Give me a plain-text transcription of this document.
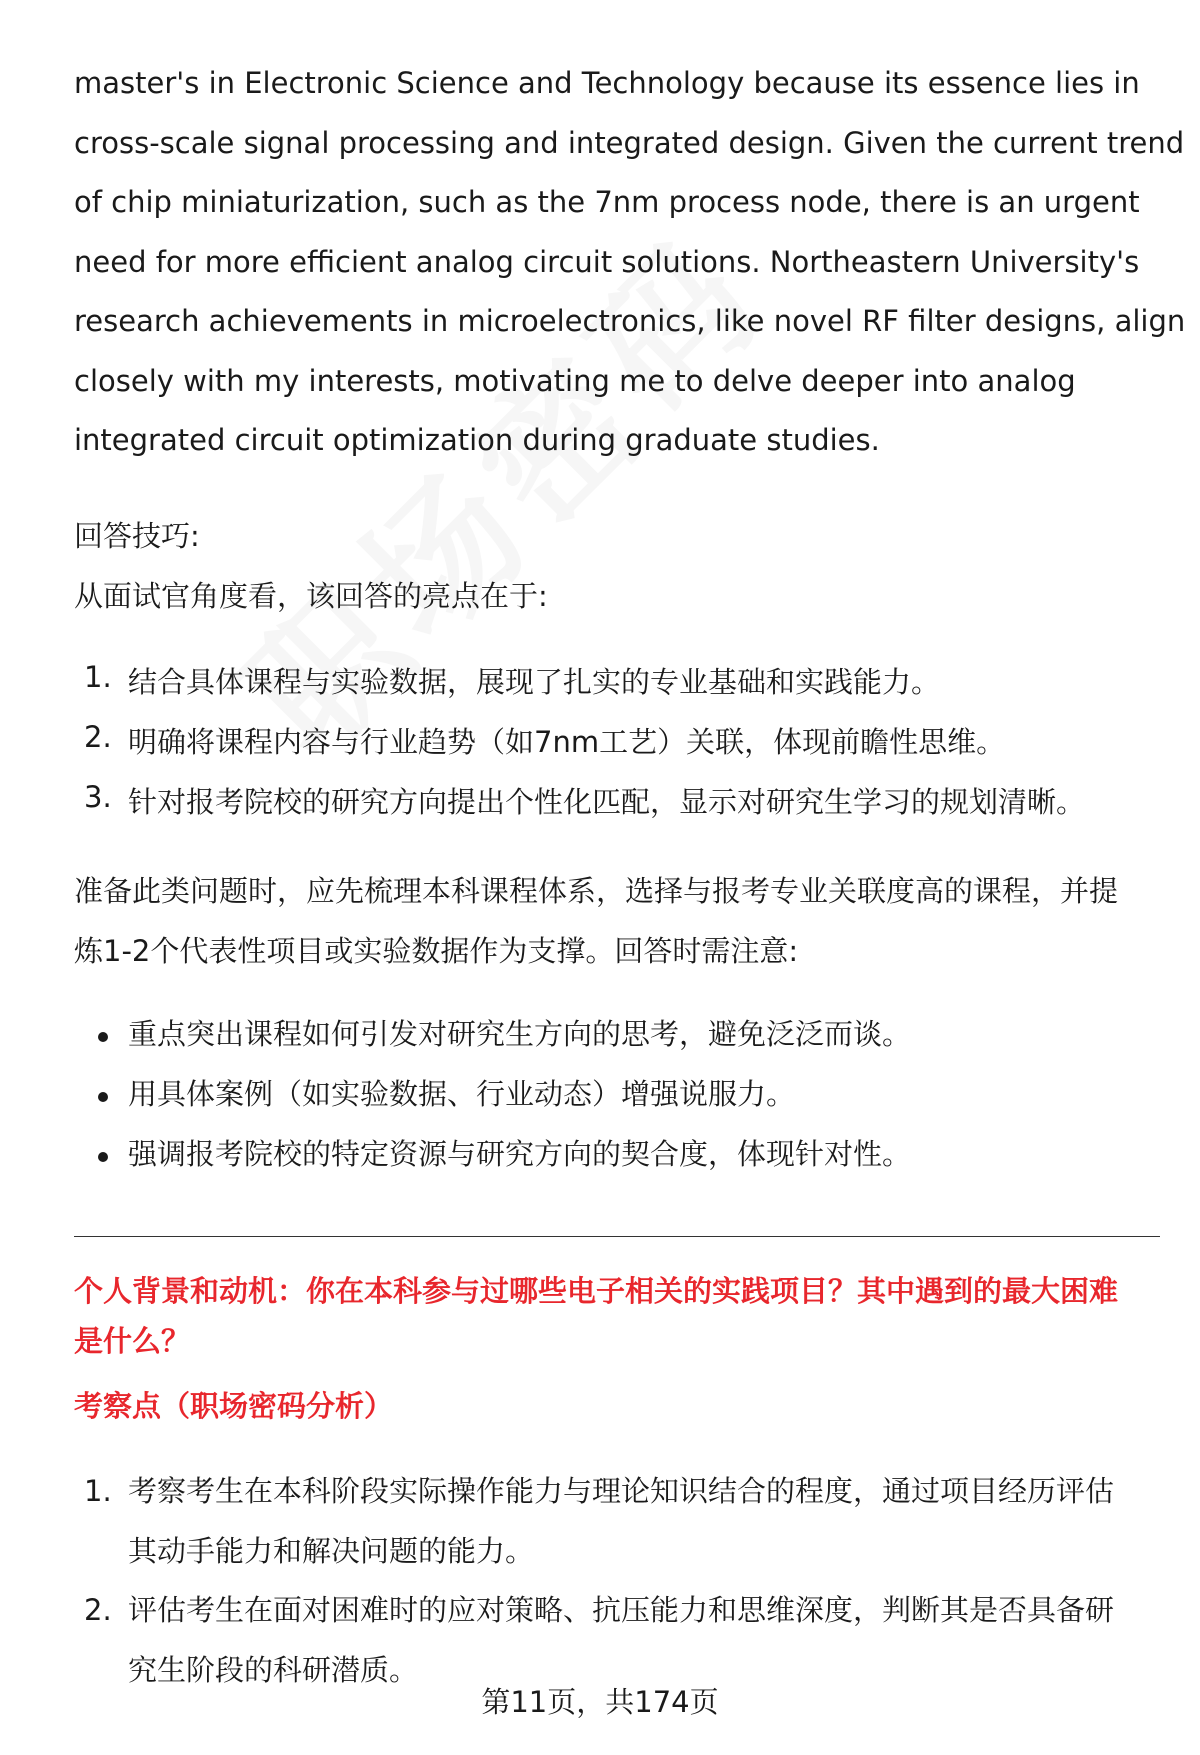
master's in Electronic Science and Technology because its essence lies in
cross-scale signal processing and integrated design. Given the current trend
of chip miniaturization, such as the 7nm process node, there is an urgent
need for more efficient analog circuit solutions. Northeastern University's
research achievements in microelectronics, like novel RF filter designs, align
closely with my interests, motivating me to delve deeper into analog
integrated circuit optimization during graduate studies.

回答技巧:

从面试官角度看，该回答的亮点在于:

1. 结合具体课程与实验数据，展现了扎实的专业基础和实践能力。
2. 明确将课程内容与行业趋势（如7nm工艺）关联，体现前瞻性思维。
3. 针对报考院校的研究方向提出个性化匹配，显示对研究生学习的规划清晰。

准备此类问题时，应先梳理本科课程体系，选择与报考专业关联度高的课程，并提
炼1-2个代表性项目或实验数据作为支撑。回答时需注意:

重点突出课程如何引发对研究生方向的思考，避免泛泛而谈。
用具体案例（如实验数据、行业动态）增强说服力。
强调报考院校的特定资源与研究方向的契合度，体现针对性。

个人背景和动机：你在本科参与过哪些电子相关的实践项目？其中遇到的最大困难
是什么？

考察点（职场密码分析）

1. 考察考生在本科阶段实际操作能力与理论知识结合的程度，通过项目经历评估
其动手能力和解决问题的能力。
2. 评估考生在面对困难时的应对策略、抗压能力和思维深度，判断其是否具备研
究生阶段的科研潜质。
第11页，共174页
